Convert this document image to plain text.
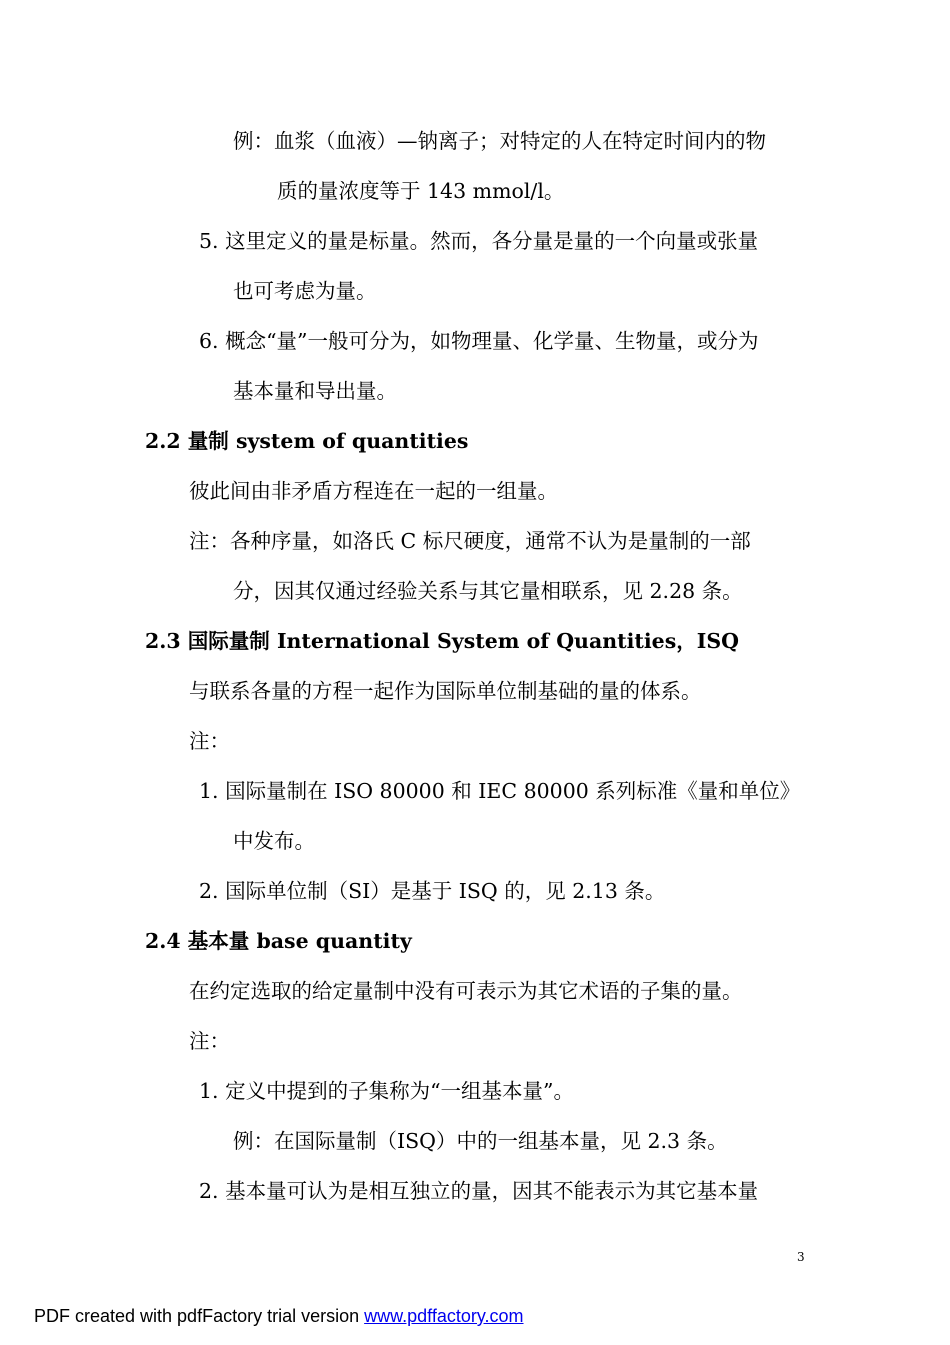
例：血浆（血液）—钠离子；对特定的人在特定时间内的物
质的量浓度等于 143 mmol/l。
5. 这里定义的量是标量。然而，各分量是量的一个向量或张量
也可考虑为量。
6. 概念“量”一般可分为，如物理量、化学量、生物量，或分为
基本量和导出量。
2.2 量制 system of quantities
彼此间由非矛盾方程连在一起的一组量。
注：各种序量，如洛氏 C 标尺硬度，通常不认为是量制的一部
分，因其仅通过经验关系与其它量相联系，见 2.28 条。
2.3 国际量制 International System of Quantities，ISQ
与联系各量的方程一起作为国际单位制基础的量的体系。
注：
1. 国际量制在 ISO 80000 和 IEC 80000 系列标准《量和单位》
中发布。
2. 国际单位制（SI）是基于 ISQ 的，见 2.13 条。
2.4 基本量 base quantity
在约定选取的给定量制中没有可表示为其它术语的子集的量。
注：
1. 定义中提到的子集称为“一组基本量”。
例：在国际量制（ISQ）中的一组基本量，见 2.3 条。
2. 基本量可认为是相互独立的量，因其不能表示为其它基本量
3
PDF created with pdfFactory trial version www.pdffactory.com
